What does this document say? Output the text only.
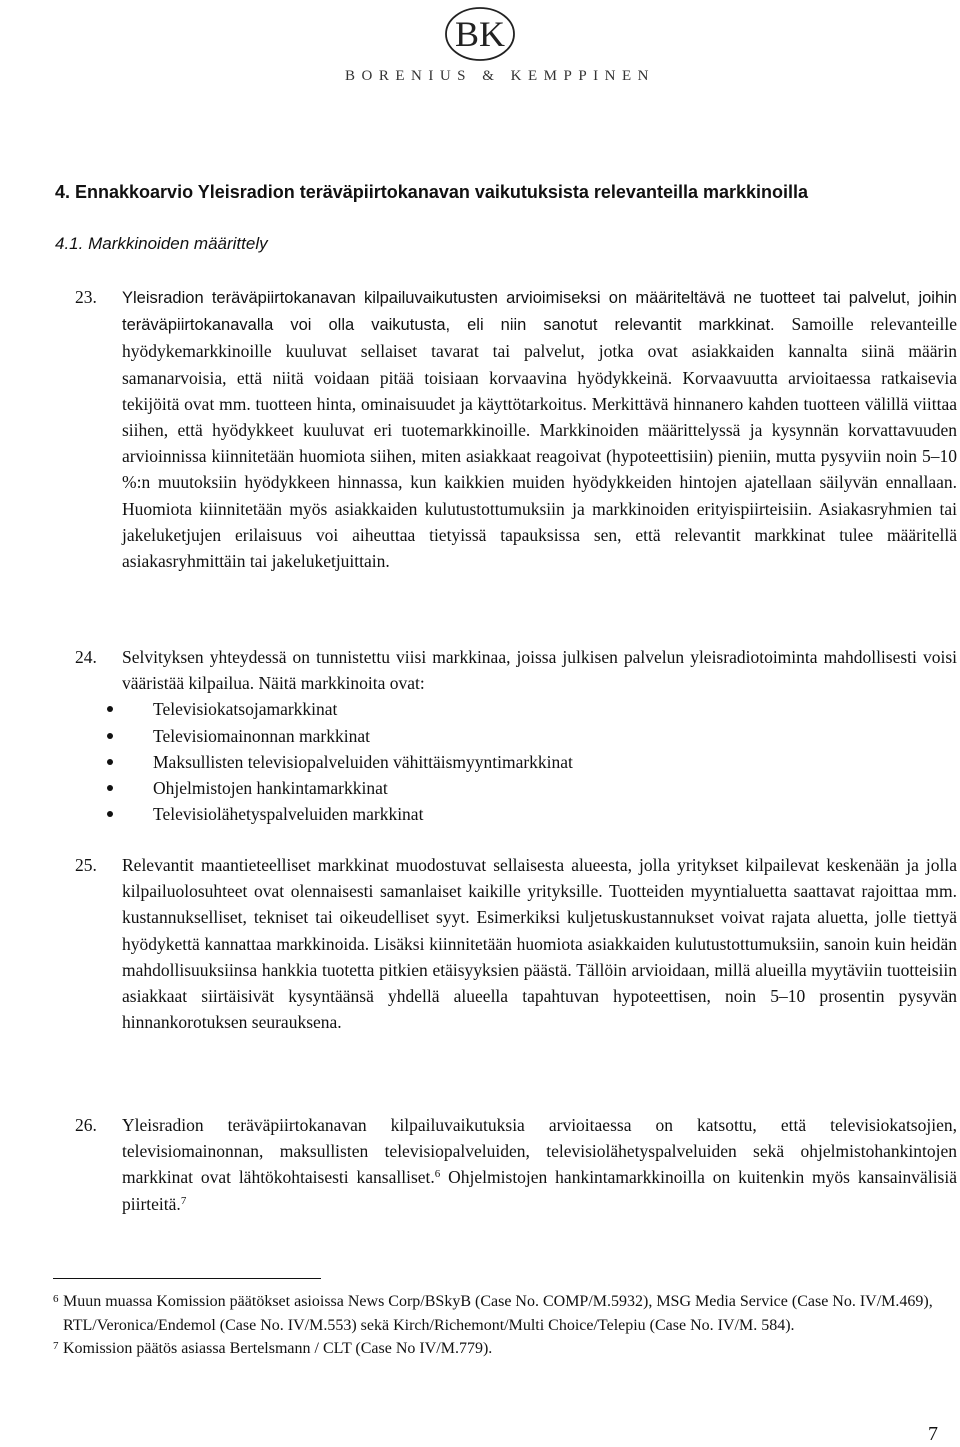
BK
BORENIUS & KEMPPINEN
4. Ennakkoarvio Yleisradion teräväpiirtokanavan vaikutuksista relevanteilla markkinoilla
4.1. Markkinoiden määrittely
23. Yleisradion teräväpiirtokanavan kilpailuvaikutusten arvioimiseksi on määriteltävä ne tuotteet tai palvelut, joihin teräväpiirtokanavalla voi olla vaikutusta, eli niin sanotut relevantit markkinat. Samoille relevanteille hyödykemarkkinoille kuuluvat sellaiset tavarat tai palvelut, jotka ovat asiakkaiden kannalta siinä määrin samanarvoisia, että niitä voidaan pitää toisiaan korvaavina hyödykkeinä. Korvaavuutta arvioitaessa ratkaisevia tekijöitä ovat mm. tuotteen hinta, ominaisuudet ja käyttötarkoitus. Merkittävä hinnanero kahden tuotteen välillä viittaa siihen, että hyödykkeet kuuluvat eri tuotemarkkinoille. Markkinoiden määrittelyssä ja kysynnän korvattavuuden arvioinnissa kiinnitetään huomiota siihen, miten asiakkaat reagoivat (hypoteettisiin) pieniin, mutta pysyviin noin 5–10 %:n muutoksiin hyödykkeen hinnassa, kun kaikkien muiden hyödykkeiden hintojen ajatellaan säilyvän ennallaan. Huomiota kiinnitetään myös asiakkaiden kulutustottumuksiin ja markkinoiden erityispiirteisiin. Asiakasryhmien tai jakeluketjujen erilaisuus voi aiheuttaa tietyissä tapauksissa sen, että relevantit markkinat tulee määritellä asiakasryhmittäin tai jakeluketjuittain.
24. Selvityksen yhteydessä on tunnistettu viisi markkinaa, joissa julkisen palvelun yleisradiotoiminta mahdollisesti voisi vääristää kilpailua. Näitä markkinoita ovat:
Televisiokatsojamarkkinat
Televisiomainonnan markkinat
Maksullisten televisiopalveluiden vähittäismyyntimarkkinat
Ohjelmistojen hankintamarkkinat
Televisiolähetyspalveluiden markkinat
25. Relevantit maantieteelliset markkinat muodostuvat sellaisesta alueesta, jolla yritykset kilpailevat keskenään ja jolla kilpailuolosuhteet ovat olennaisesti samanlaiset kaikille yrityksille. Tuotteiden myyntialuetta saattavat rajoittaa mm. kustannukselliset, tekniset tai oikeudelliset syyt. Esimerkiksi kuljetuskustannukset voivat rajata aluetta, jolle tiettyä hyödykettä kannattaa markkinoida. Lisäksi kiinnitetään huomiota asiakkaiden kulutustottumuksiin, sanoin kuin heidän mahdollisuuksiinsa hankkia tuotetta pitkien etäisyyksien päästä. Tällöin arvioidaan, millä alueilla myytäviin tuotteisiin asiakkaat siirtäisivät kysyntäänsä yhdellä alueella tapahtuvan hypoteettisen, noin 5–10 prosentin pysyvän hinnankorotuksen seurauksena.
26. Yleisradion teräväpiirtokanavan kilpailuvaikutuksia arvioitaessa on katsottu, että televisiokatsojien, televisiomainonnan, maksullisten televisiopalveluiden, televisiolähetyspalveluiden sekä ohjelmistohankintojen markkinat ovat lähtökohtaisesti kansalliset.$^6$ Ohjelmistojen hankintamarkkinoilla on kuitenkin myös kansainvälisiä piirteitä.$^7$
6 Muun muassa Komission päätökset asioissa News Corp/BSkyB (Case No. COMP/M.5932), MSG Media Service (Case No. IV/M.469), RTL/Veronica/Endemol (Case No. IV/M.553) sekä Kirch/Richemont/Multi Choice/Telepiu (Case No. IV/M. 584).
7 Komission päätös asiassa Bertelsmann / CLT (Case No IV/M.779).
7
